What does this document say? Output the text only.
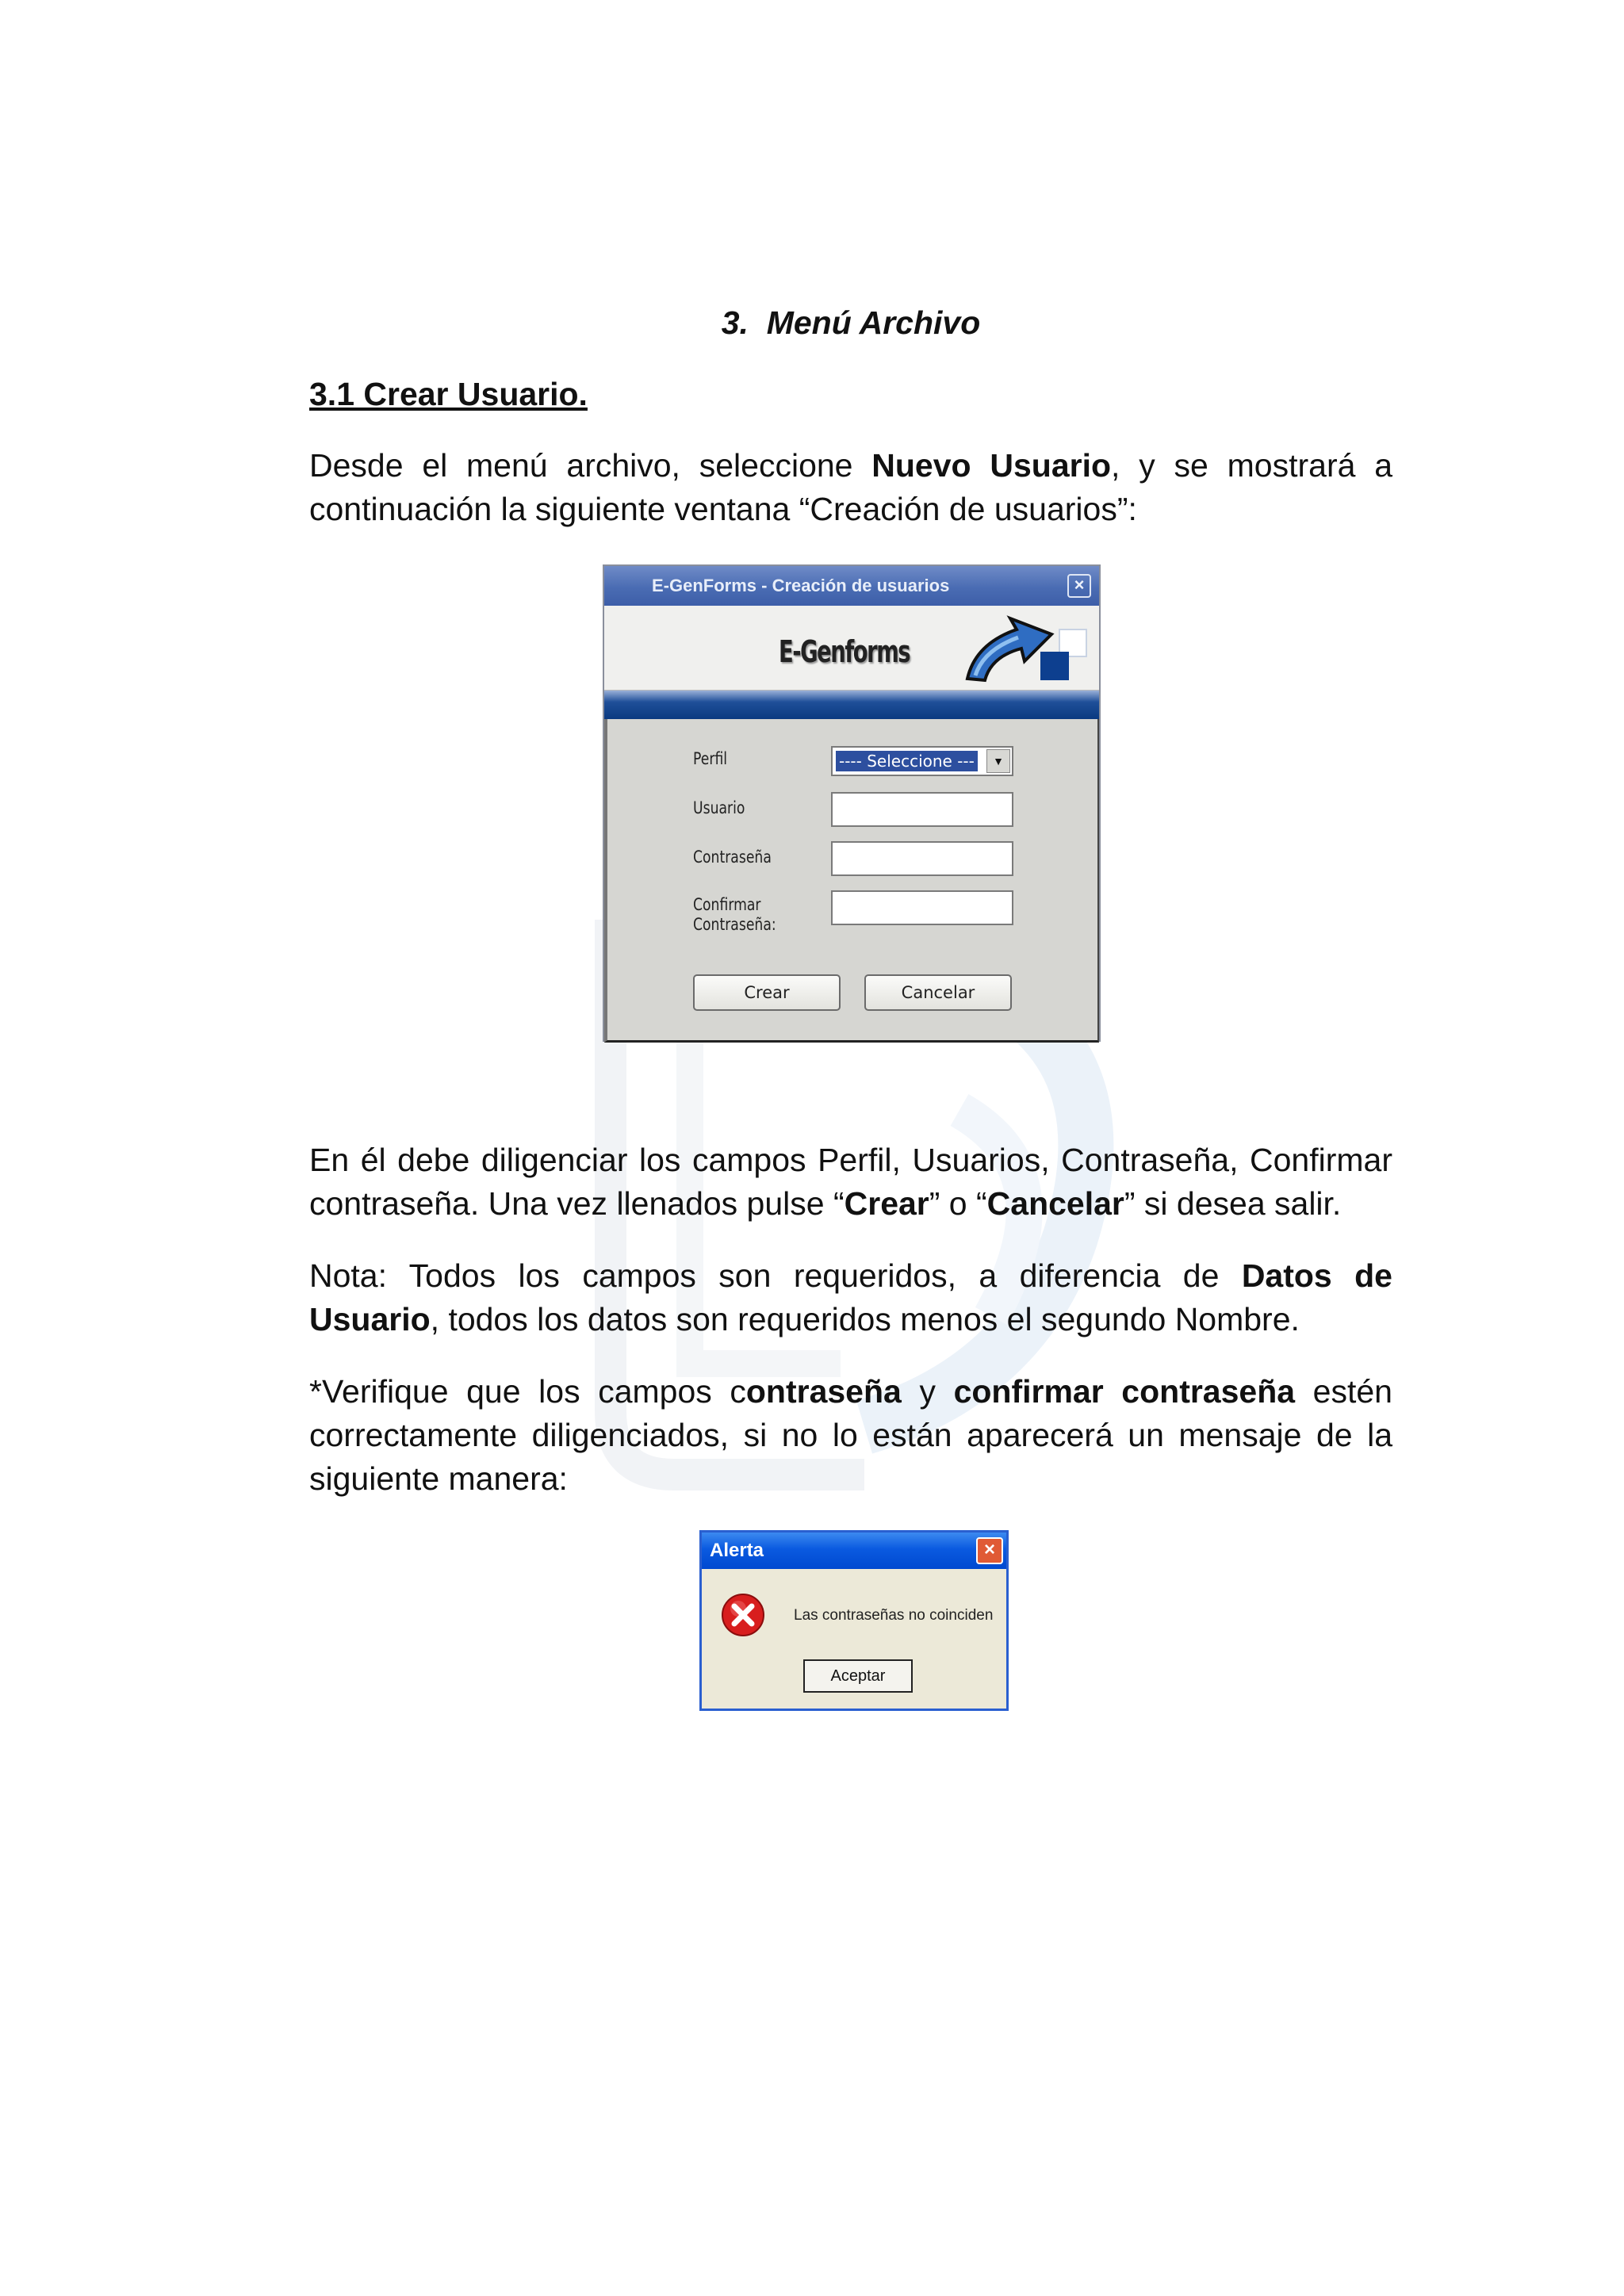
3. Menú Archivo
3.1 Crear Usuario.

Desde el menú archivo, seleccione Nuevo Usuario, y se mostrará a continuación la siguiente ventana “Creación de usuarios”:

En él debe diligenciar los campos Perfil, Usuarios, Contraseña, Confirmar contraseña. Una vez llenados pulse “Crear” o “Cancelar” si desea salir.

Nota: Todos los campos son requeridos, a diferencia de Datos de Usuario, todos los datos son requeridos menos el segundo Nombre.

*Verifique que los campos contraseña y confirmar contraseña estén correctamente diligenciados, si no lo están aparecerá un mensaje de la siguiente manera:

E-GenForms - Creación de usuarios	×
E-Genforms
Perfil	---- Seleccione ---	▼
Usuario
Contraseña
Confirmar
Contraseña:
Crear	Cancelar
Alerta	×
Las contraseñas no coinciden
Aceptar
